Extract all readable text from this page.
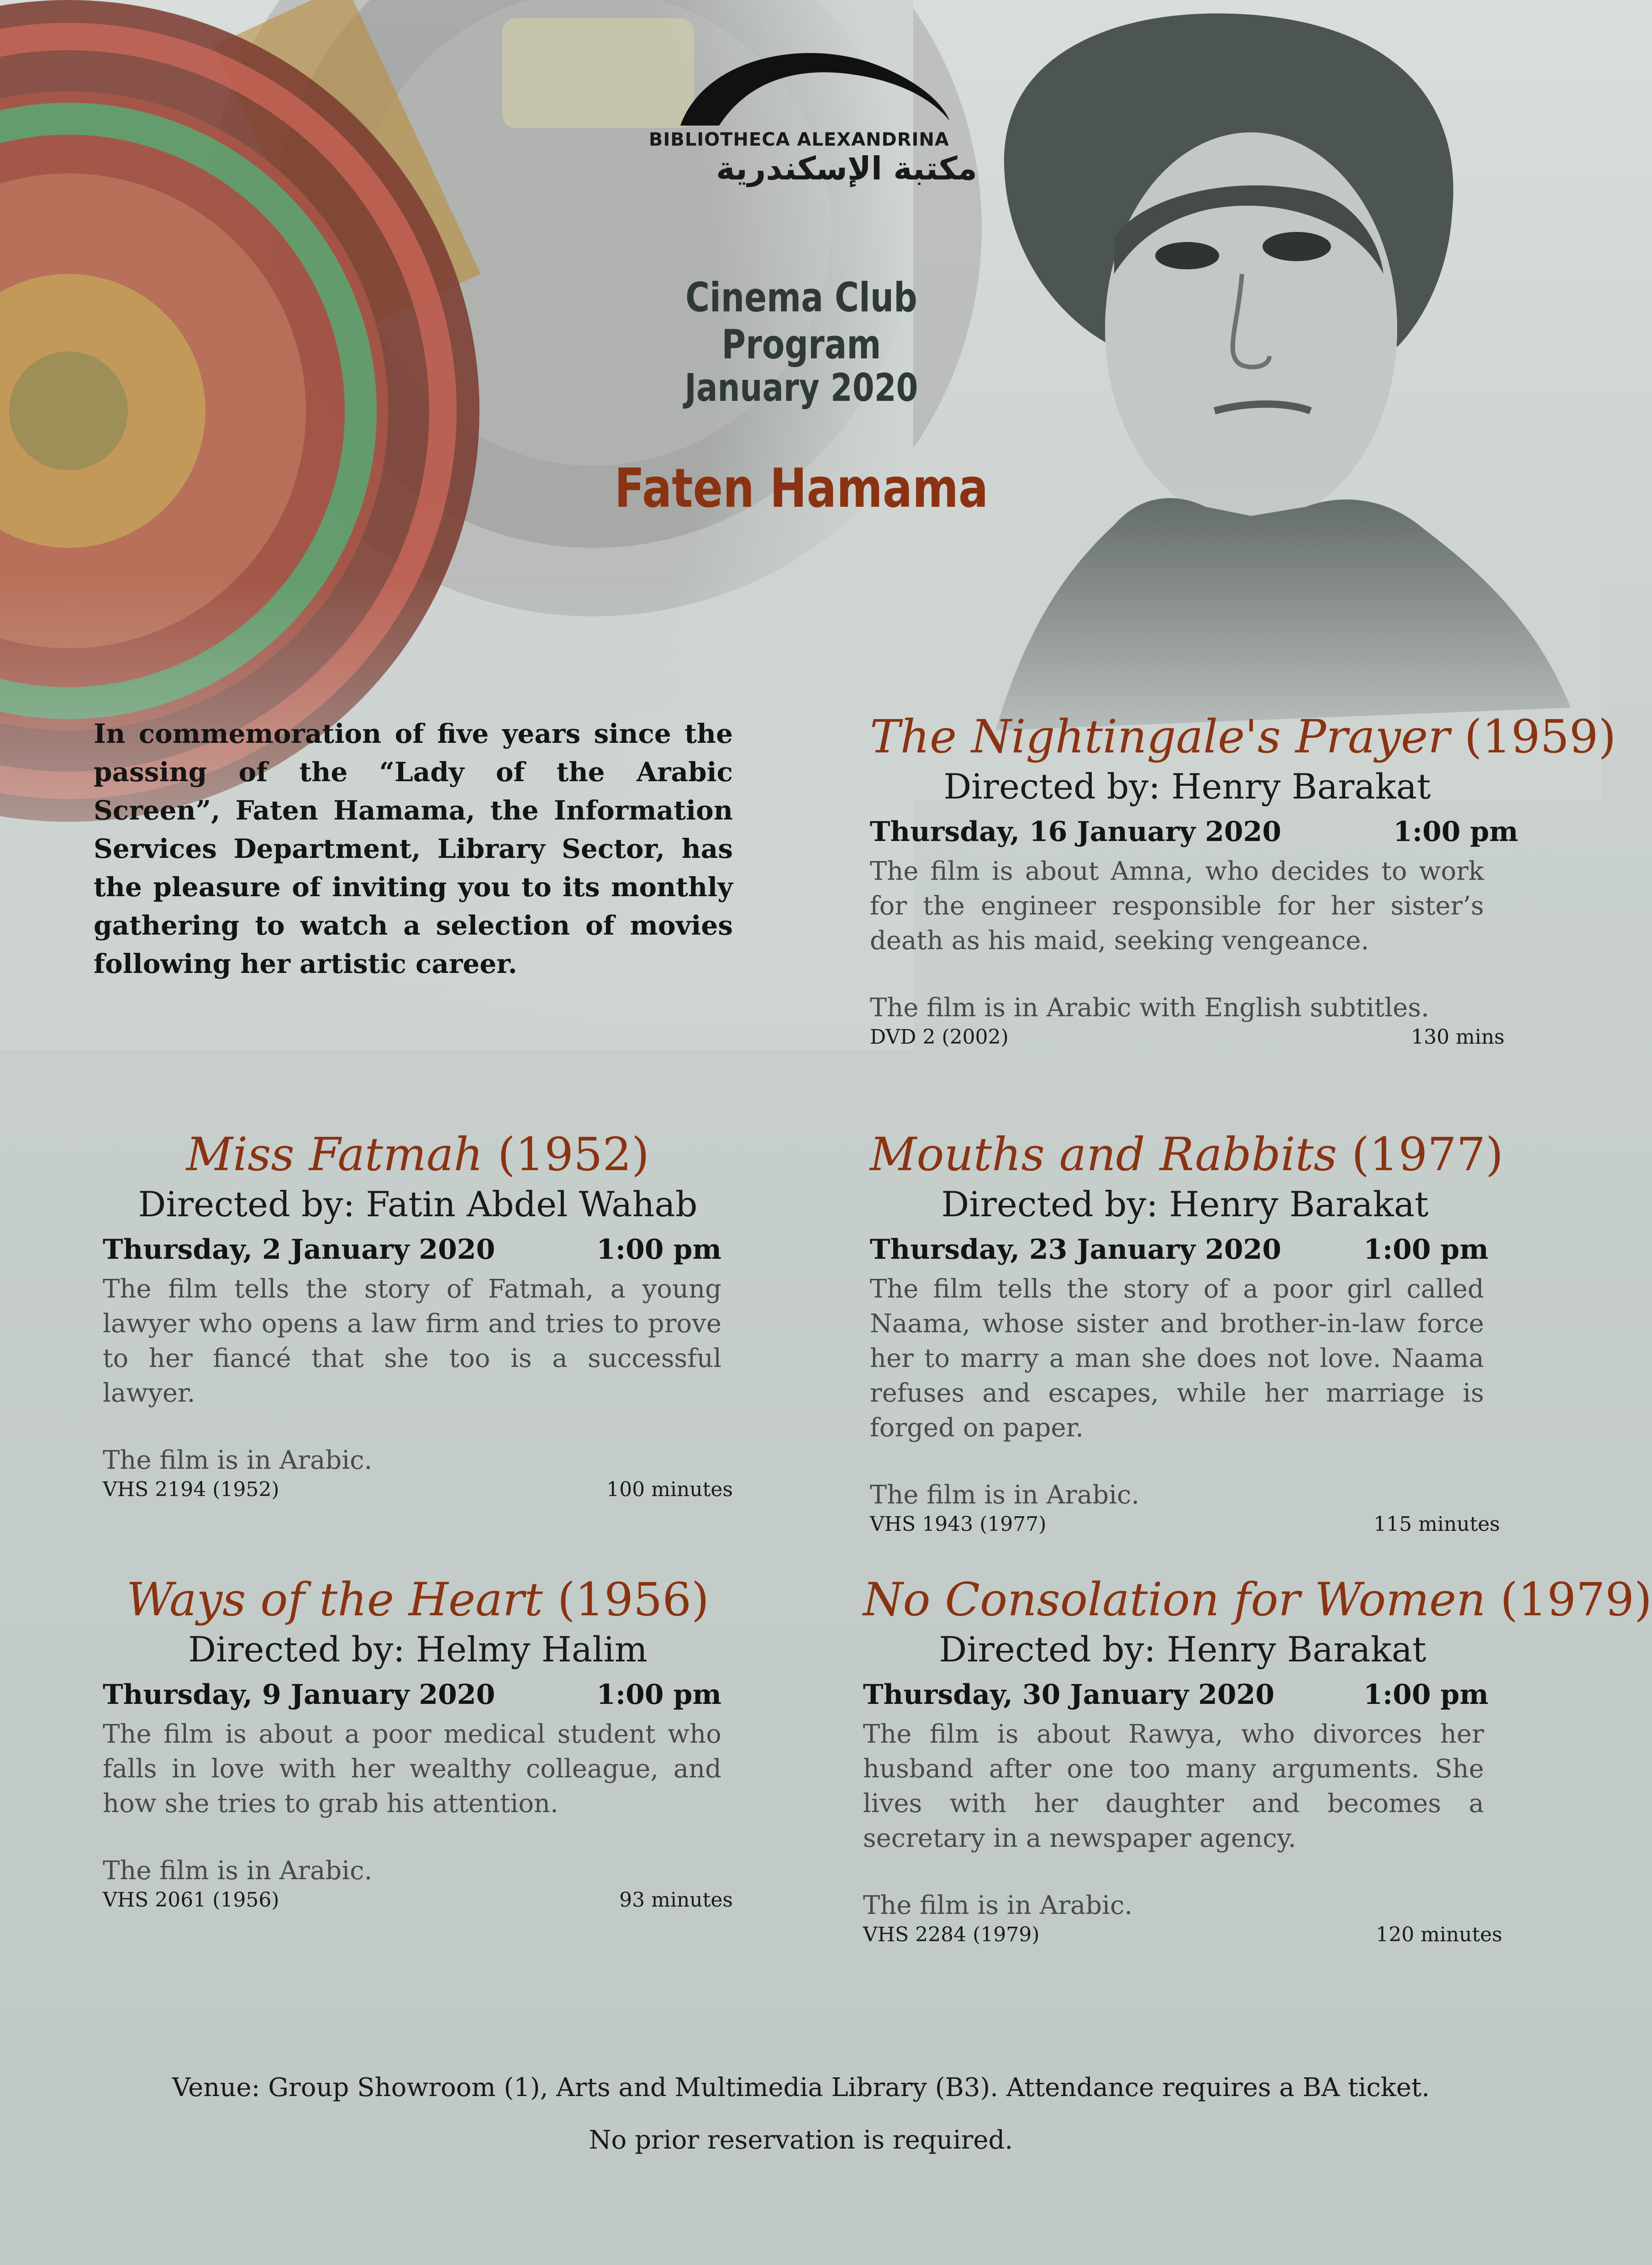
BIBLIOTHECA ALEXANDRINA
مكتبة الإسكندرية
Cinema Club Program
January 2020
Faten Hamama
In commemoration of five years since the passing of the “Lady of the Arabic Screen”, Faten Hamama, the Information Services Department, Library Sector, has the pleasure of inviting you to its monthly gathering to watch a selection of movies following her artistic career.
The Nightingale's Prayer (1959)
Directed by: Henry Barakat
Thursday, 16 January 2020	1:00 pm
The film is about Amna, who decides to work for the engineer responsible for her sister’s death as his maid, seeking vengeance.
The film is in Arabic with English subtitles.
DVD 2 (2002)	130 mins
Miss Fatmah (1952)
Directed by: Fatin Abdel Wahab
Thursday, 2 January 2020	1:00 pm
The film tells the story of Fatmah, a young lawyer who opens a law firm and tries to prove to her fiancé that she too is a successful lawyer.
The film is in Arabic.
VHS 2194 (1952)	100 minutes
Mouths and Rabbits (1977)
Directed by: Henry Barakat
Thursday, 23 January 2020	1:00 pm
The film tells the story of a poor girl called Naama, whose sister and brother-in-law force her to marry a man she does not love. Naama refuses and escapes, while her marriage is forged on paper.
The film is in Arabic.
VHS 1943 (1977)	115 minutes
Ways of the Heart (1956)
Directed by: Helmy Halim
Thursday, 9 January 2020	1:00 pm
The film is about a poor medical student who falls in love with her wealthy colleague, and how she tries to grab his attention.
The film is in Arabic.
VHS 2061 (1956)	93 minutes
No Consolation for Women (1979)
Directed by: Henry Barakat
Thursday, 30 January 2020	1:00 pm
The film is about Rawya, who divorces her husband after one too many arguments. She lives with her daughter and becomes a secretary in a newspaper agency.
The film is in Arabic.
VHS 2284 (1979)	120 minutes
Venue: Group Showroom (1), Arts and Multimedia Library (B3). Attendance requires a BA ticket.
No prior reservation is required.
